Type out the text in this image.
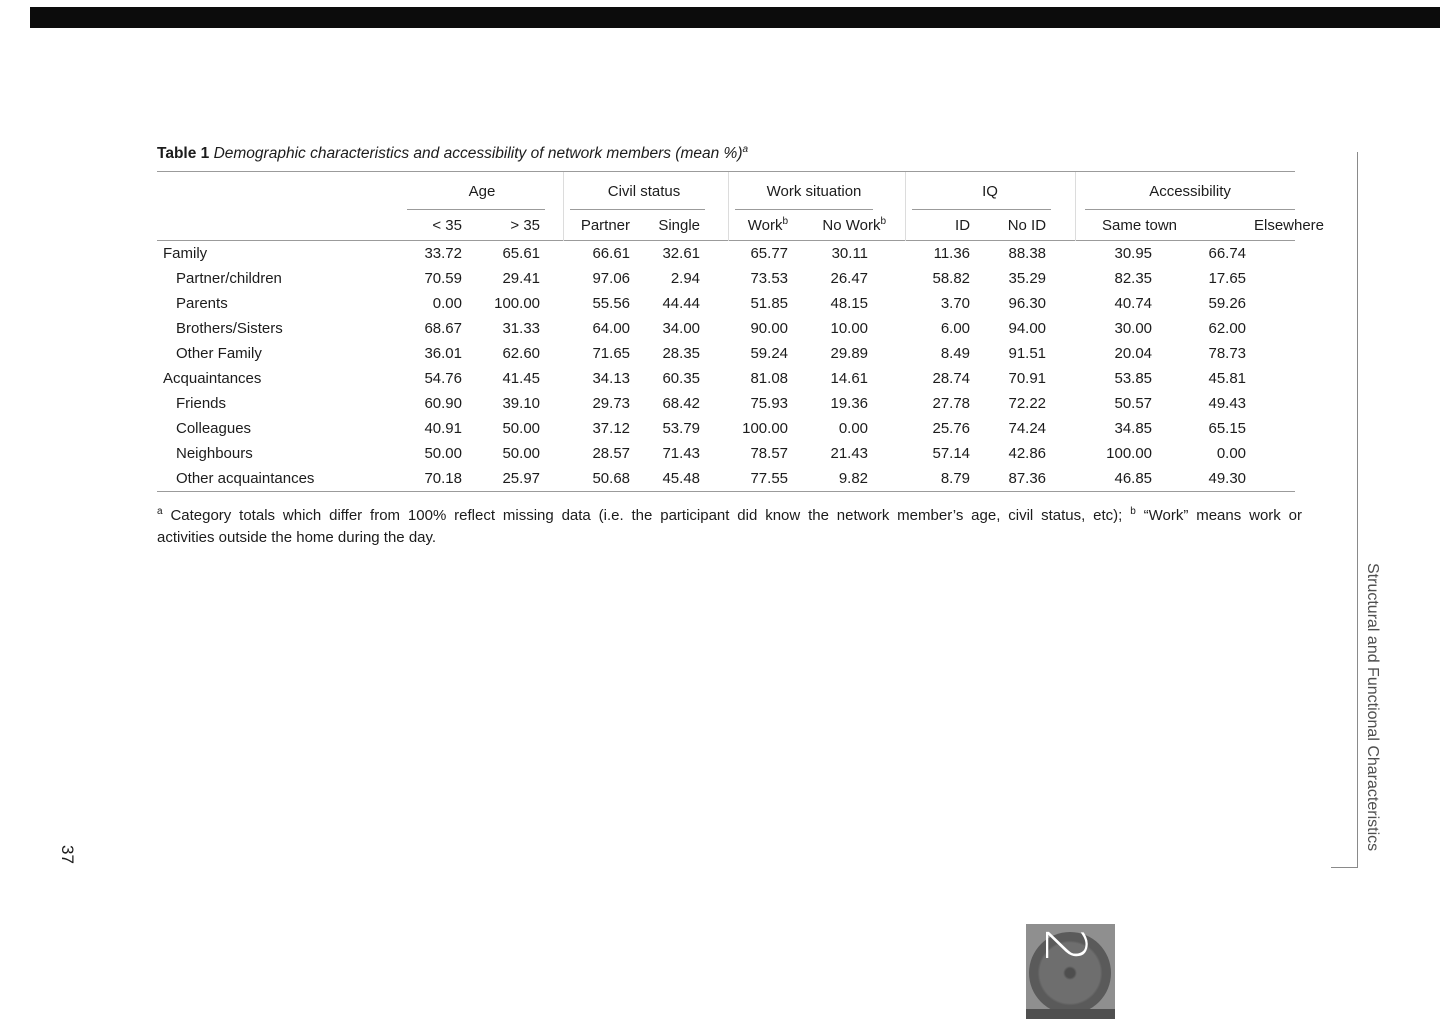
Table 1 Demographic characteristics and accessibility of network members (mean %)$^a$

	Age		Civil status		Work situation		IQ		Accessibility	

	< 35	> 35	Partner	Single	Work$^b$	No Work$^b$	ID	No ID	Same town	Elsewhere
Family	33.72	65.61	66.61	32.61	65.77	30.11	11.36	88.38	30.95	66.74
Partner/children	70.59	29.41	97.06	2.94	73.53	26.47	58.82	35.29	82.35	17.65
Parents	0.00	100.00	55.56	44.44	51.85	48.15	3.70	96.30	40.74	59.26
Brothers/Sisters	68.67	31.33	64.00	34.00	90.00	10.00	6.00	94.00	30.00	62.00
Other Family	36.01	62.60	71.65	28.35	59.24	29.89	8.49	91.51	20.04	78.73
Acquaintances	54.76	41.45	34.13	60.35	81.08	14.61	28.74	70.91	53.85	45.81
Friends	60.90	39.10	29.73	68.42	75.93	19.36	27.78	72.22	50.57	49.43
Colleagues	40.91	50.00	37.12	53.79	100.00	0.00	25.76	74.24	34.85	65.15
Neighbours	50.00	50.00	28.57	71.43	78.57	21.43	57.14	42.86	100.00	0.00
Other acquaintances	70.18	25.97	50.68	45.48	77.55	9.82	8.79	87.36	46.85	49.30
$^a$ Category totals which differ from 100% reflect missing data (i.e. the participant did know the network member’s age, civil status, etc); $^b$ “Work” means work or
activities outside the home during the day.
Structural and Functional Characteristics
37
2
